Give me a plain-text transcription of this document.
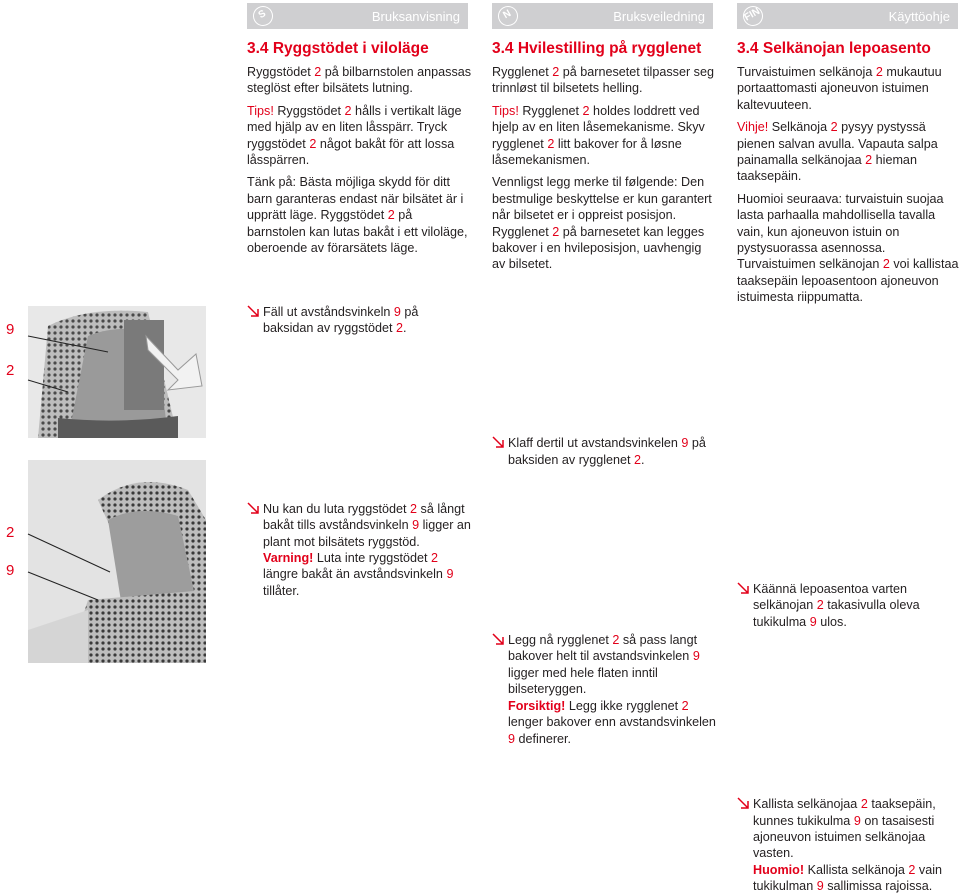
S	Bruksanvisning	N	Bruksveiledning	FIN	Käyttöohje
9
2
2
9
3.4 Ryggstödet i viloläge

Ryggstödet 2 på bilbarnstolen anpassas steglöst efter bilsätets lutning.

Tips! Ryggstödet 2 hålls i vertikalt läge med hjälp av en liten låsspärr. Tryck ryggstödet 2 något bakåt för att lossa låsspärren.

Tänk på: Bästa möjliga skydd för ditt barn garanteras endast när bilsätet är i upprätt läge. Ryggstödet 2 på barnstolen kan lutas bakåt i ett viloläge, oberoende av förarsätets läge.

Fäll ut avståndsvinkeln 9 på baksidan av ryggstödet 2.
Nu kan du luta ryggstödet 2 så långt bakåt tills avståndsvinkeln 9 ligger an plant mot bilsätets ryggstöd.
Varning! Luta inte ryggstödet 2 längre bakåt än avståndsvinkeln 9 tillåter.
3.4 Hvilestilling på rygglenet

Rygglenet 2 på barnesetet tilpasser seg trinnløst til bilsetets helling.

Tips! Rygglenet 2 holdes loddrett ved hjelp av en liten låsemekanisme. Skyv rygglenet 2 litt bakover for å løsne låsemekanismen.

Vennligst legg merke til følgende: Den bestmulige beskyttelse er kun garantert når bilsetet er i oppreist posisjon. Rygglenet 2 på barnesetet kan legges bakover i en hvileposisjon, uavhengig av bilsetet.

Klaff dertil ut avstandsvinkelen 9 på baksiden av rygglenet 2.
Legg nå rygglenet 2 så pass langt bakover helt til avstandsvinkelen 9 ligger med hele flaten inntil bilseteryggen.
Forsiktig! Legg ikke rygglenet 2 lenger bakover enn avstandsvinkelen 9 definerer.
3.4 Selkänojan lepoasento

Turvaistuimen selkänoja 2 mukautuu portaattomasti ajoneuvon istuimen kaltevuuteen.

Vihje! Selkänoja 2 pysyy pystyssä pienen salvan avulla. Vapauta salpa painamalla selkänojaa 2 hieman taaksepäin.

Huomioi seuraava: turvaistuin suojaa lasta parhaalla mahdollisella tavalla vain, kun ajoneuvon istuin on pystysuorassa asennossa. Turvaistuimen selkänojan 2 voi kallistaa taaksepäin lepoasentoon ajoneuvon istuimesta riippumatta.

Käännä lepoasentoa varten selkänojan 2 takasivulla oleva tukikulma 9 ulos.
Kallista selkänojaa 2 taaksepäin, kunnes tukikulma 9 on tasaisesti ajoneuvon istuimen selkänojaa vasten.
Huomio! Kallista selkänoja 2 vain tukikulman 9 sallimissa rajoissa.
